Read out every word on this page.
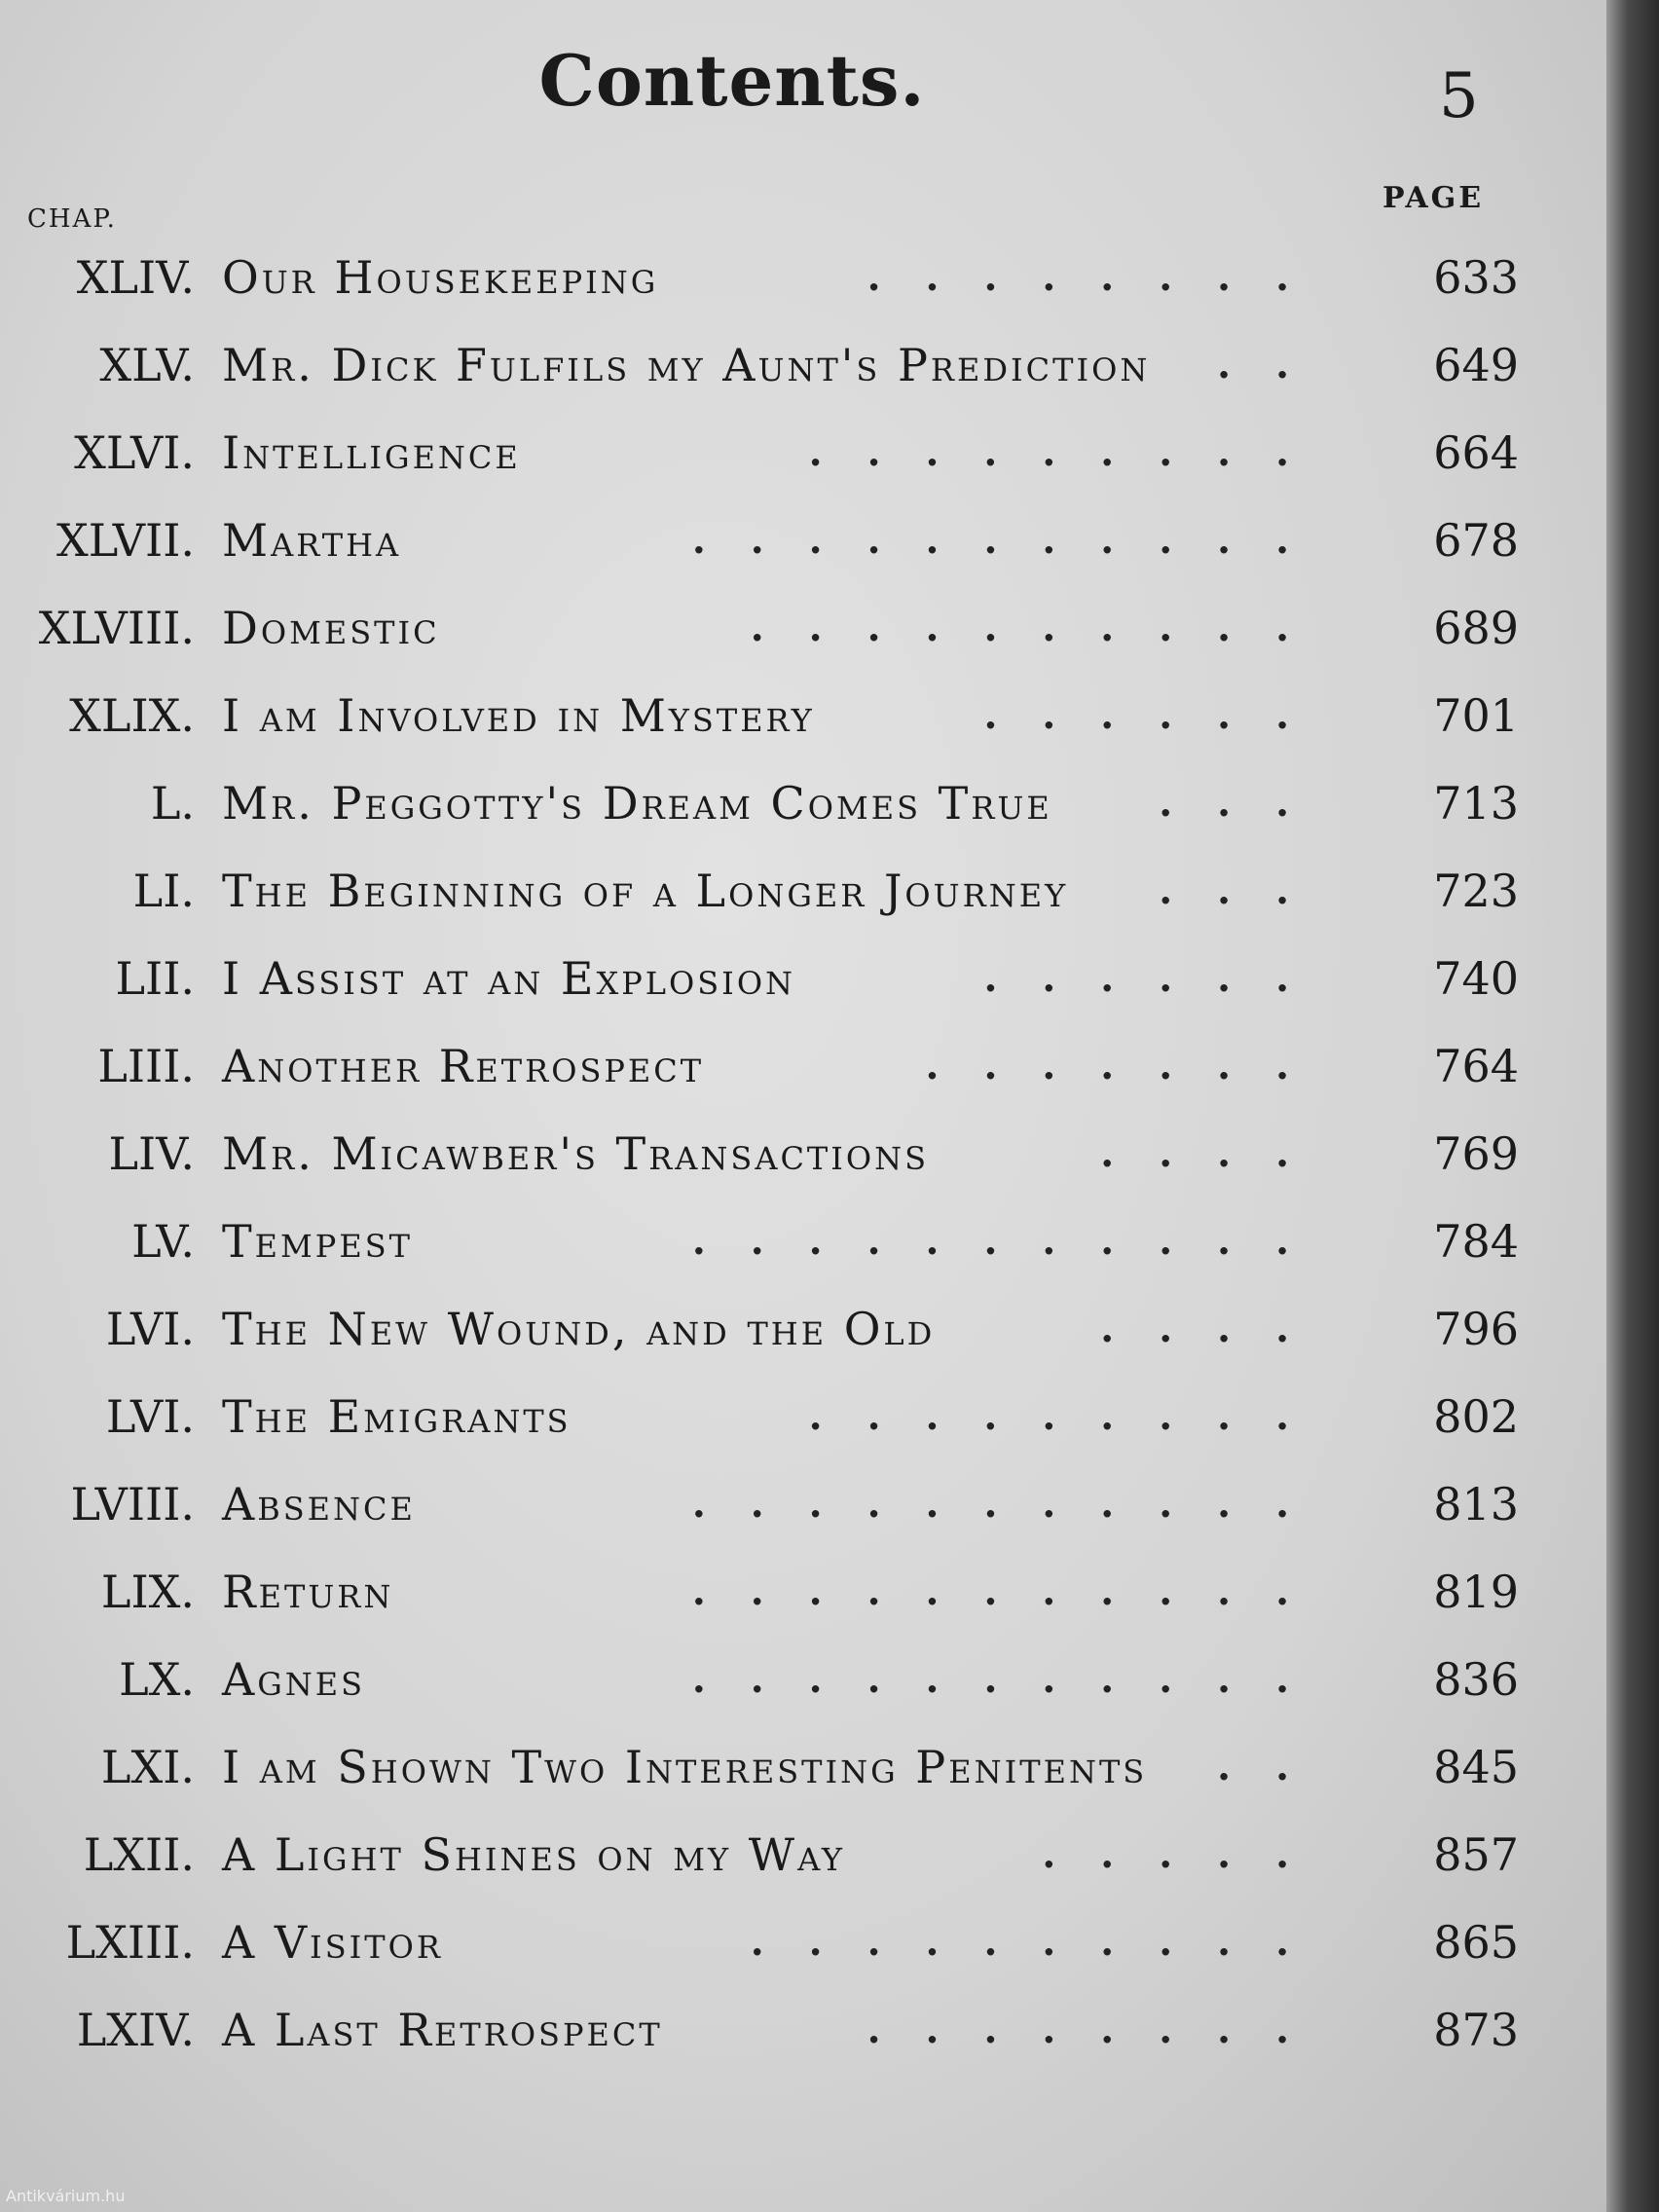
Contents.	5
CHAP.
PAGE
XLIV. Our Housekeeping	633
........
XLV. Mr. Dick Fulfils my Aunt's Prediction	649
..
XLVI. Intelligence	664
.........
XLVII. Martha	678
...........
XLVIII. Domestic	689
..........
XLIX. I am Involved in Mystery	701
......
L. Mr. Peggotty's Dream Comes True	713
...
LI. The Beginning of a Longer Journey	723
...
LII. I Assist at an Explosion	740
......
LIII. Another Retrospect	764
.......
LIV. Mr. Micawber's Transactions	769
....
LV. Tempest	784
...........
LVI. The New Wound, and the Old	796
....
LVI. The Emigrants	802
.........
LVIII. Absence	813
...........
LIX. Return	819
...........
LX. Agnes	836
...........
LXI. I am Shown Two Interesting Penitents	845
..
LXII. A Light Shines on my Way	857
.....
LXIII. A Visitor	865
..........
LXIV. A Last Retrospect	873
........
Antikvárium.hu
